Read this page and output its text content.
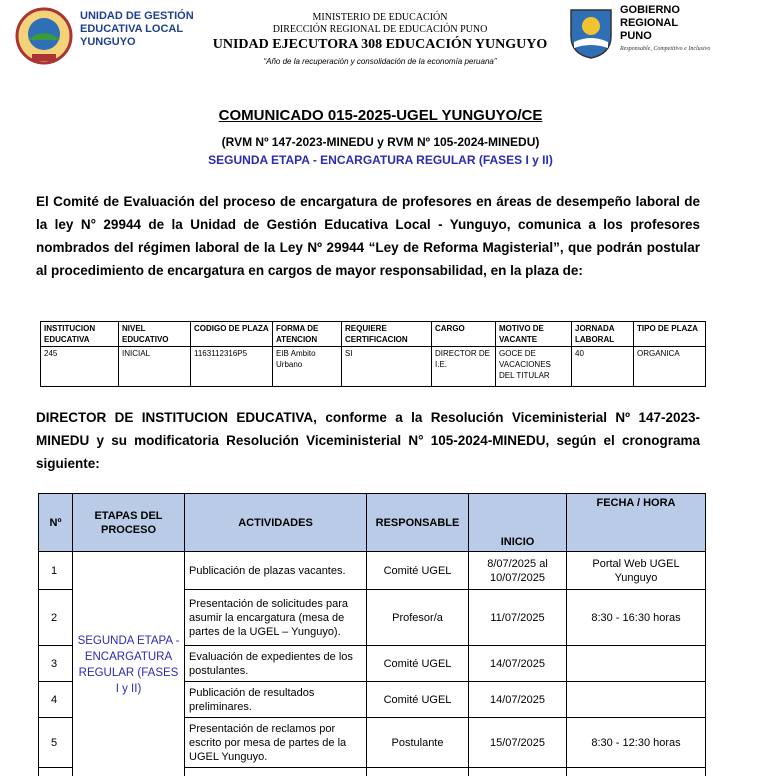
UNIDAD DE GESTIÓN
EDUCATIVA LOCAL
YUNGUYO
MINISTERIO DE EDUCACIÓN
DIRECCIÓN REGIONAL DE EDUCACIÓN PUNO
UNIDAD EJECUTORA 308 EDUCACIÓN YUNGUYO
“Año de la recuperación y consolidación de la economía peruana”
GOBIERNO
REGIONAL
PUNO
Responsable, Competitivo e Inclusivo
COMUNICADO 015-2025-UGEL YUNGUYO/CE
(RVM Nº 147-2023-MINEDU y RVM Nº 105-2024-MINEDU)
SEGUNDA ETAPA - ENCARGATURA REGULAR (FASES I y II)
El Comité de Evaluación del proceso de encargatura de profesores en áreas de desempeño laboral de la ley N° 29944 de la Unidad de Gestión Educativa Local - Yunguyo, comunica a los profesores nombrados del régimen laboral de la Ley Nº 29944 “Ley de Reforma Magisterial”, que podrán postular al procedimiento de encargatura en cargos de mayor responsabilidad, en la plaza de:
INSTITUCION EDUCATIVA	NIVEL EDUCATIVO	CODIGO DE PLAZA	FORMA DE ATENCION	REQUIERE CERTIFICACION	CARGO	MOTIVO DE VACANTE	JORNADA LABORAL	TIPO DE PLAZA
245	INICIAL	1163112316P5	EIB Ambito Urbano	SI	DIRECTOR DE I.E.	GOCE DE VACACIONES DEL TITULAR	40	ORGANICA
DIRECTOR DE INSTITUCION EDUCATIVA, conforme a la Resolución Viceministerial Nº 147-2023-MINEDU y su modificatoria Resolución Viceministerial N° 105-2024-MINEDU, según el cronograma siguiente:
Nº	ETAPAS DEL PROCESO	ACTIVIDADES	RESPONSABLE	INICIO	FECHA / HORA
1	SEGUNDA ETAPA - ENCARGATURA REGULAR (FASES I y II)	Publicación de plazas vacantes.	Comité UGEL	8/07/2025 al 10/07/2025	Portal Web UGEL Yunguyo
2		Presentación de solicitudes para asumir la encargatura (mesa de partes de la UGEL – Yunguyo).	Profesor/a	11/07/2025	8:30 - 16:30 horas
3		Evaluación de expedientes de los postulantes.	Comité UGEL	14/07/2025	
4		Publicación de resultados preliminares.	Comité UGEL	14/07/2025	
5		Presentación de reclamos por escrito por mesa de partes de la UGEL Yunguyo.	Postulante	15/07/2025	8:30 - 12:30 horas
